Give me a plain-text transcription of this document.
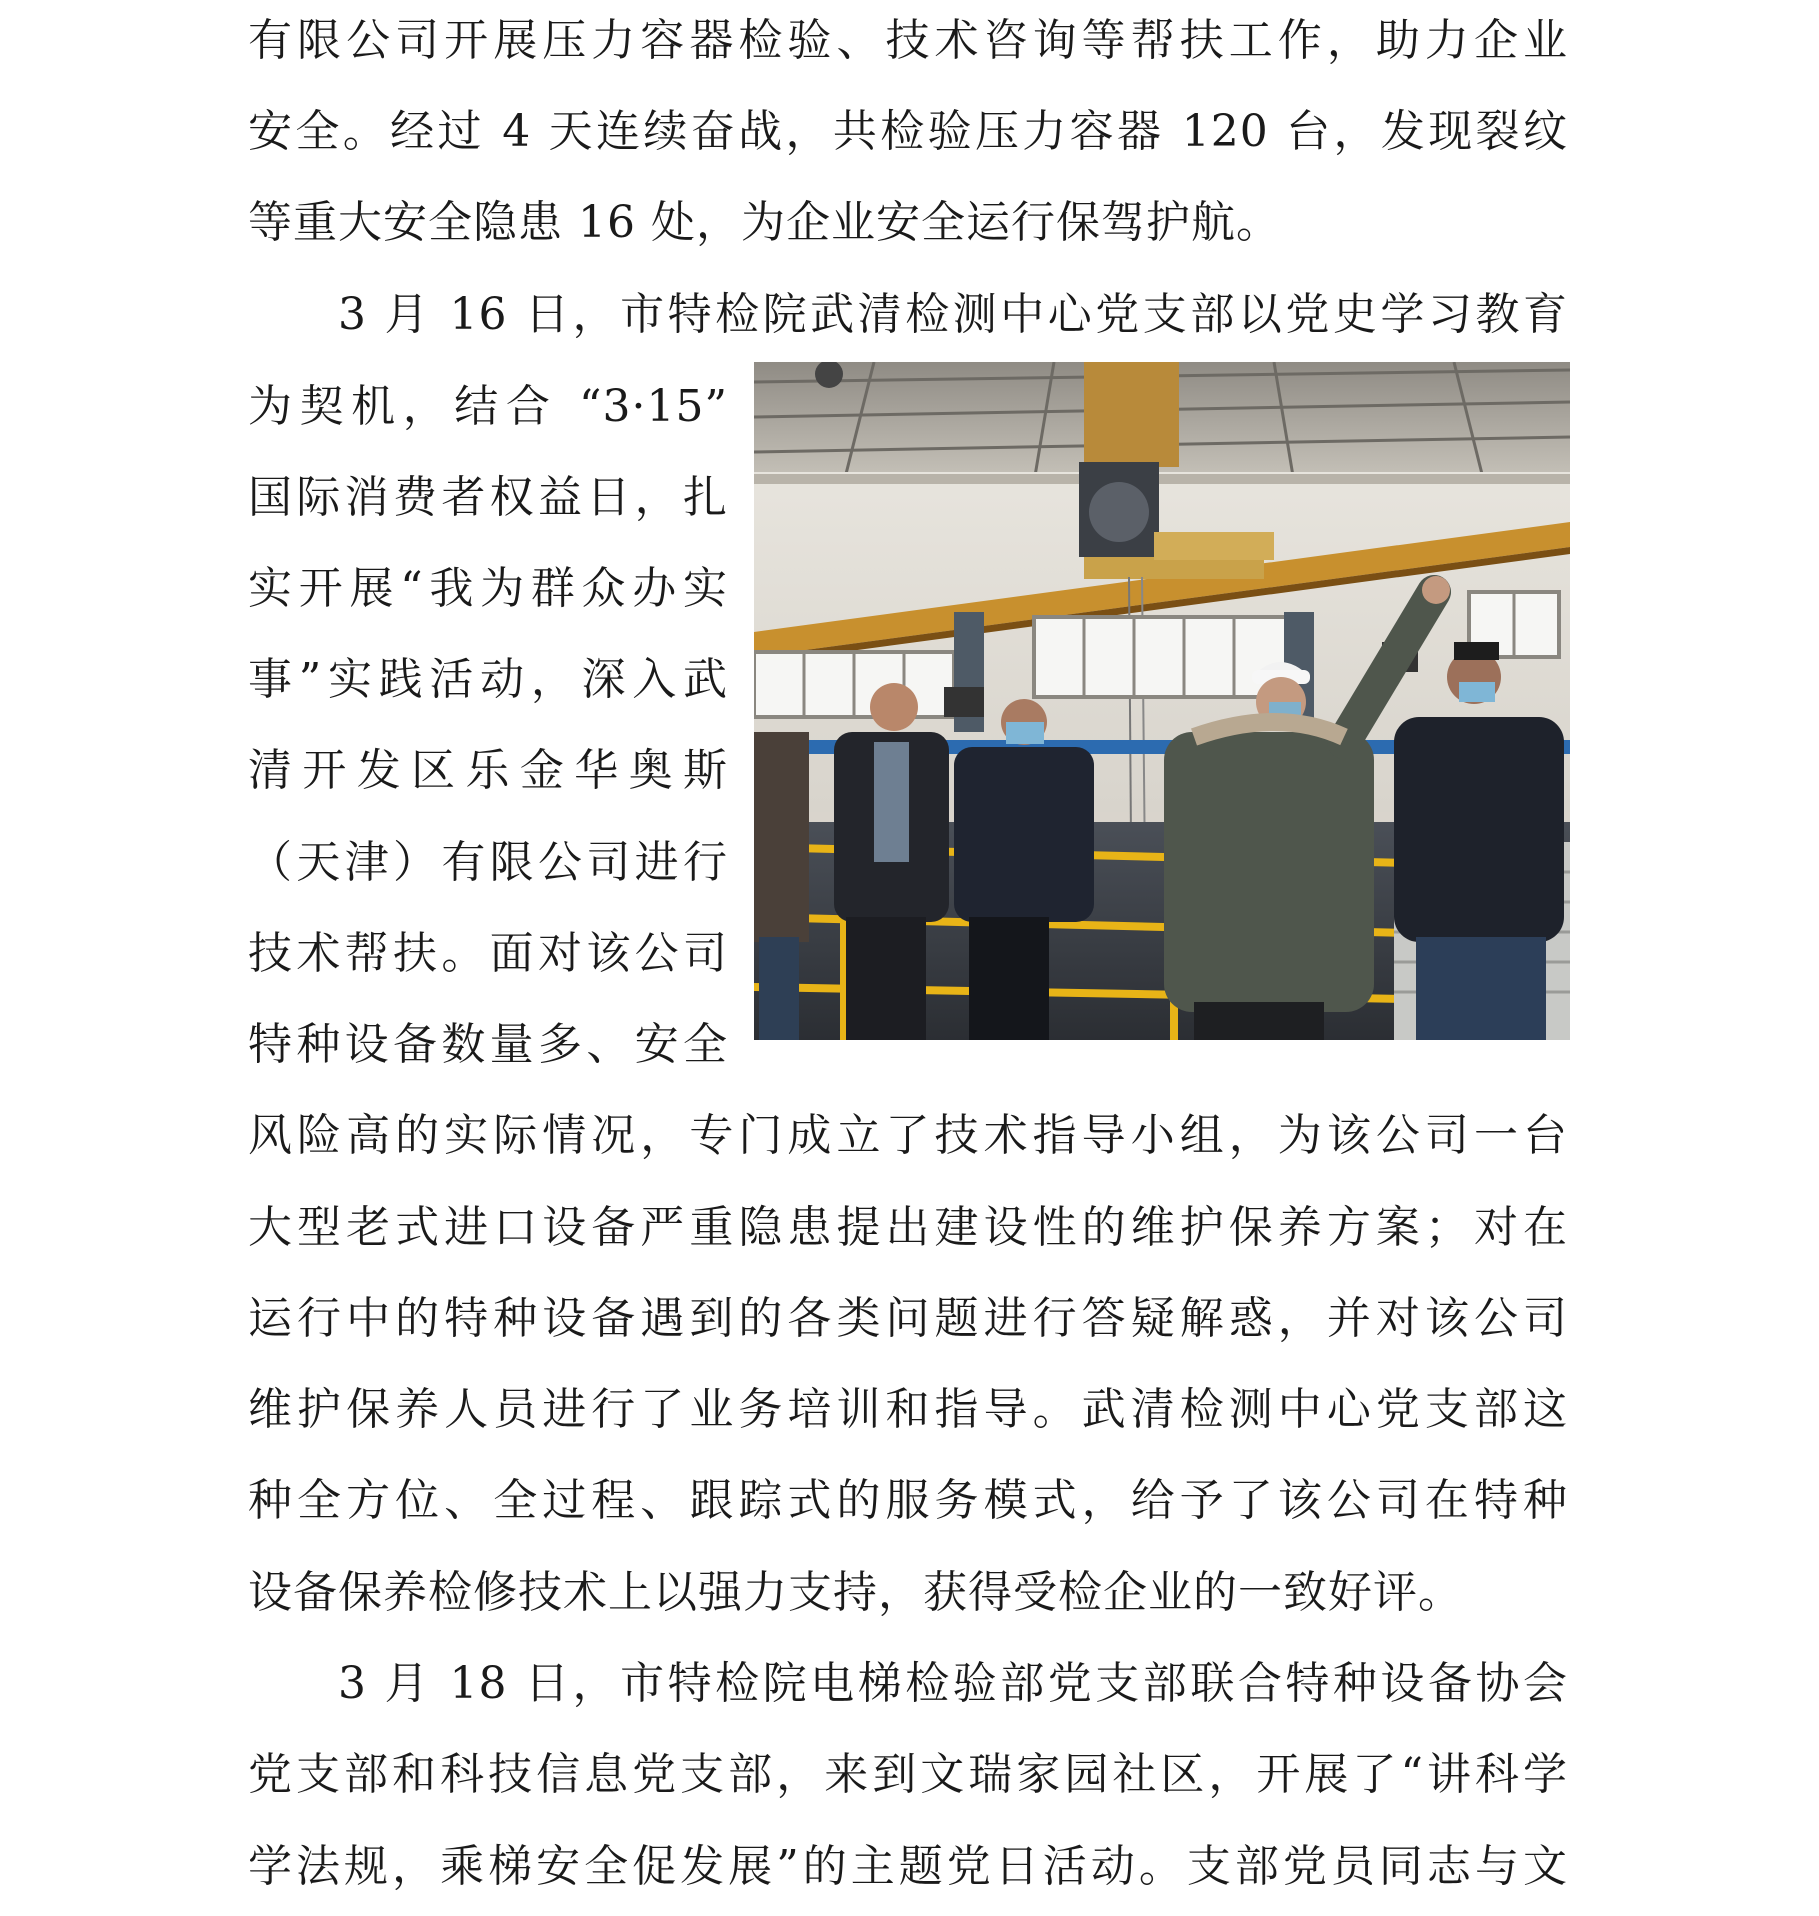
有限公司开展压力容器检验、技术咨询等帮扶工作，助力企业
安全。经过 4 天连续奋战，共检验压力容器 120 台，发现裂纹
等重大安全隐患 16 处，为企业安全运行保驾护航。
3 月 16 日，市特检院武清检测中心党支部以党史学习教育
为契机，结合 “3·15”
国际消费者权益日，扎
实开展“我为群众办实
事”实践活动，深入武
清开发区乐金华奥斯
（天津）有限公司进行
技术帮扶。面对该公司
特种设备数量多、安全
风险高的实际情况，专门成立了技术指导小组，为该公司一台
大型老式进口设备严重隐患提出建设性的维护保养方案；对在
运行中的特种设备遇到的各类问题进行答疑解惑，并对该公司
维护保养人员进行了业务培训和指导。武清检测中心党支部这
种全方位、全过程、跟踪式的服务模式，给予了该公司在特种
设备保养检修技术上以强力支持，获得受检企业的一致好评。
3 月 18 日，市特检院电梯检验部党支部联合特种设备协会
党支部和科技信息党支部，来到文瑞家园社区，开展了“讲科学
学法规，乘梯安全促发展”的主题党日活动。支部党员同志与文
